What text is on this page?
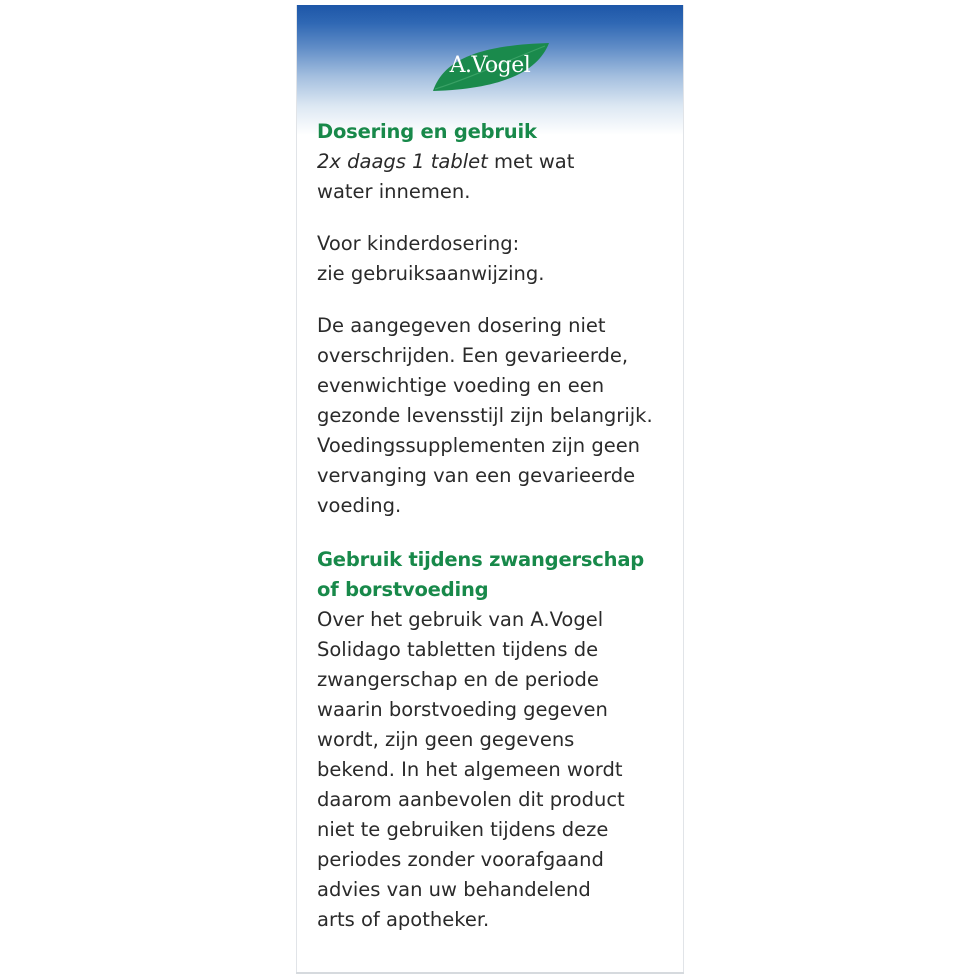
A.Vogel

Dosering en gebruik
2x daags 1 tablet met wat
water innemen.

Voor kinderdosering:
zie gebruiksaanwijzing.

De aangegeven dosering niet
overschrijden. Een gevarieerde,
evenwichtige voeding en een
gezonde levensstijl zijn belangrijk.
Voedingssupplementen zijn geen
vervanging van een gevarieerde
voeding.

Gebruik tijdens zwangerschap
of borstvoeding
Over het gebruik van A.Vogel
Solidago tabletten tijdens de
zwangerschap en de periode
waarin borstvoeding gegeven
wordt, zijn geen gegevens
bekend. In het algemeen wordt
daarom aanbevolen dit product
niet te gebruiken tijdens deze
periodes zonder voorafgaand
advies van uw behandelend
arts of apotheker.
